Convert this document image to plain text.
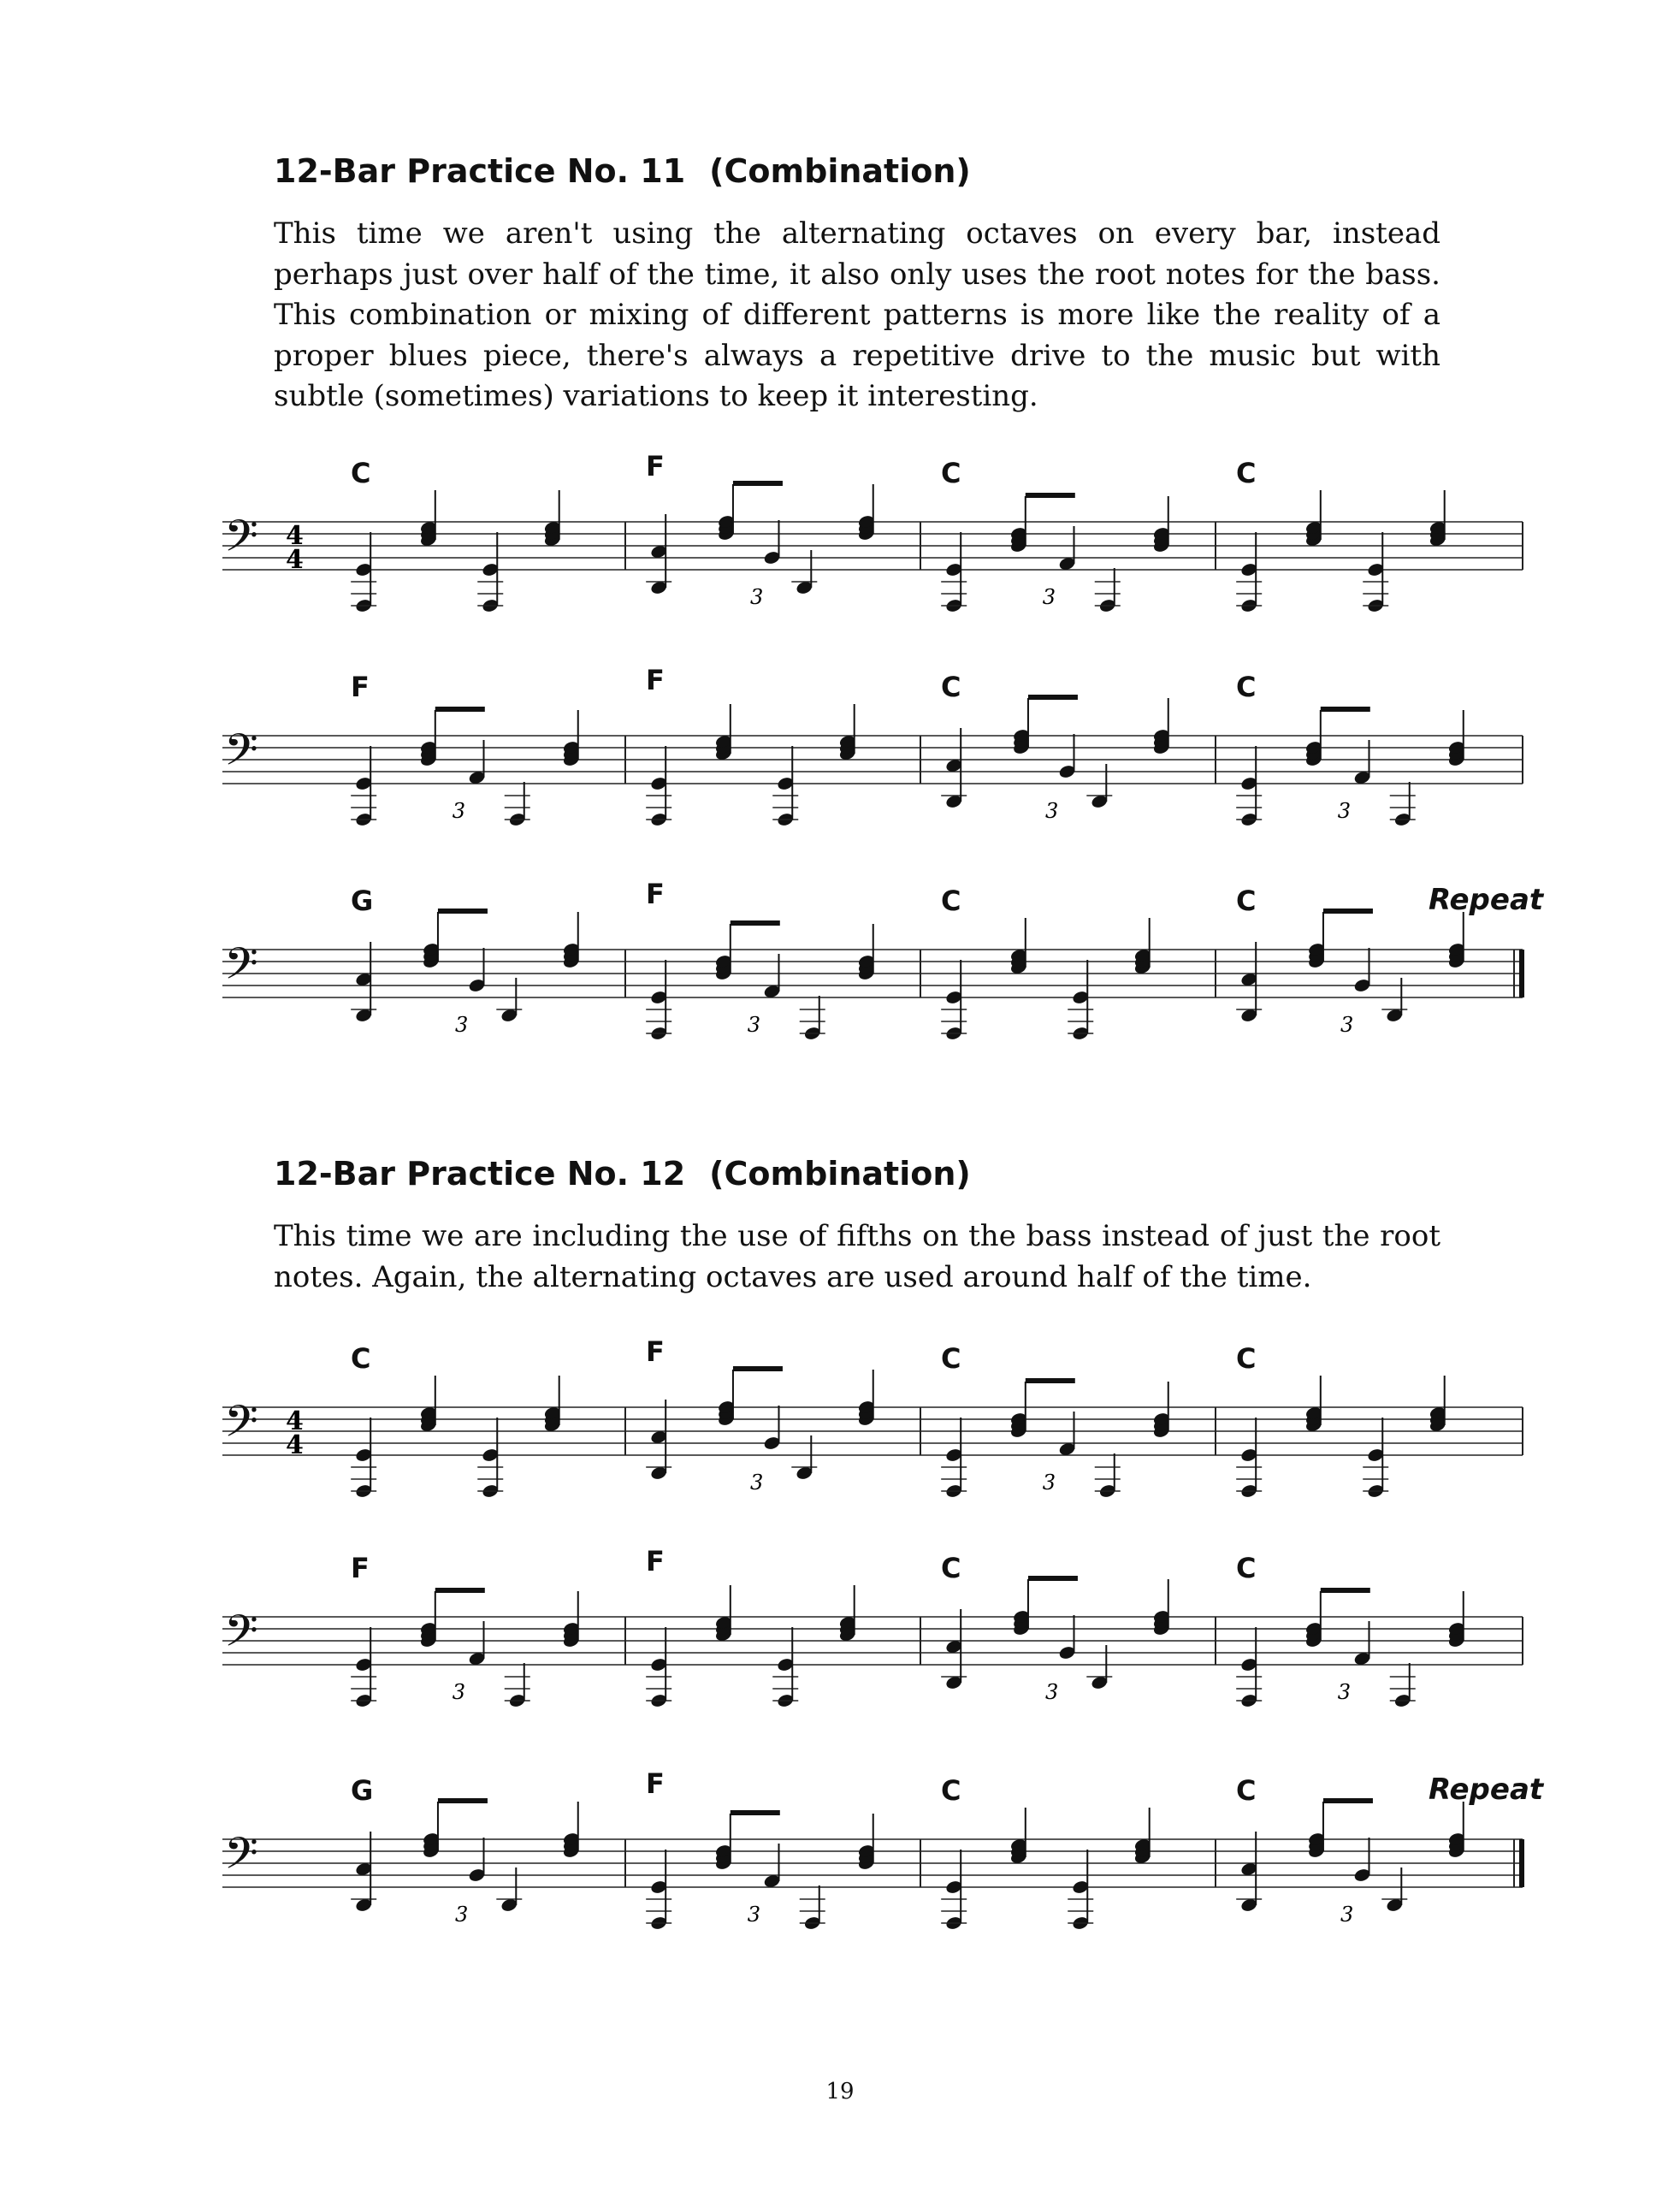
12-Bar Practice No. 11 (Combination)

This time we aren't using the alternating octaves on every bar, instead perhaps just over half of the time, it also only uses the root notes for the bass. This combination or mixing of different patterns is more like the reality of a proper blues piece, there's always a repetitive drive to the music but with subtle (sometimes) variations to keep it interesting.

𝄢 4
4
3	3
C	F	C	C
𝄢
3	3	3
F	F	C	C
𝄢
3	3	3
G	F	C	C	Repeat
12-Bar Practice No. 12 (Combination)

This time we are including the use of fifths on the bass instead of just the root notes. Again, the alternating octaves are used around half of the time.

𝄢 4
4
3	3
C	F	C	C
𝄢
3	3	3
F	F	C	C
𝄢
3	3	3
G	F	C	C	Repeat
19
